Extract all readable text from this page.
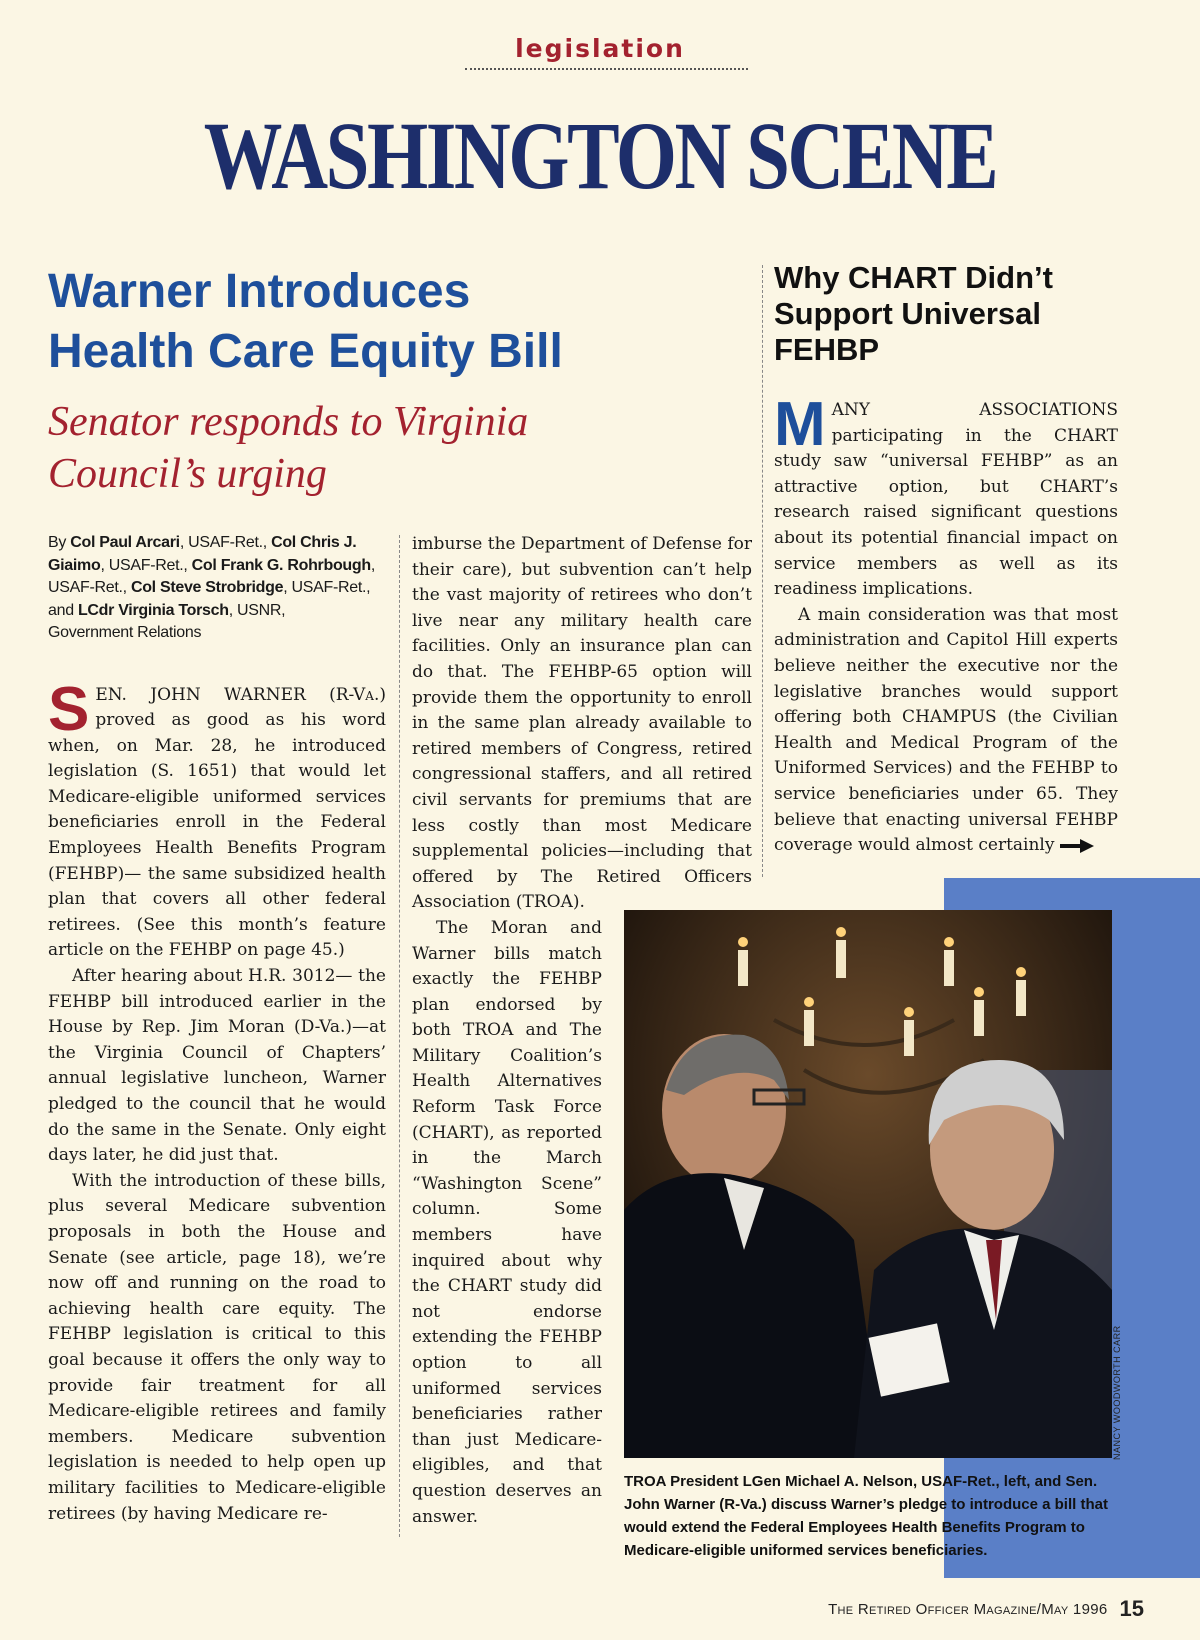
legislation
WASHINGTON SCENE
Warner Introduces
Health Care Equity Bill
Senator responds to Virginia
Council’s urging
By Col Paul Arcari, USAF-Ret., Col Chris J. Giaimo, USAF-Ret., Col Frank G. Rohrbough, USAF-Ret., Col Steve Strobridge, USAF-Ret., and LCdr Virginia Torsch, USNR,
Government Relations

SEN. JOHN WARNER (R-Va.) proved as good as his word when, on Mar. 28, he introduced legislation (S. 1651) that would let Medicare-eligible uniformed services beneficiaries enroll in the Federal Employees Health Benefits Program (FEHBP)— the same subsidized health plan that covers all other federal retirees. (See this month’s feature article on the FEHBP on page 45.)

After hearing about H.R. 3012— the FEHBP bill introduced earlier in the House by Rep. Jim Moran (D-Va.)—at the Virginia Council of Chapters’ annual legislative luncheon, Warner pledged to the council that he would do the same in the Senate. Only eight days later, he did just that.

With the introduction of these bills, plus several Medicare subvention proposals in both the House and Senate (see article, page 18), we’re now off and running on the road to achieving health care equity. The FEHBP legislation is critical to this goal because it offers the only way to provide fair treatment for all Medicare-eligible retirees and family members. Medicare subvention legislation is needed to help open up military facilities to Medicare-eligible retirees (by having Medicare re-

imburse the Department of Defense for their care), but subvention can’t help the vast majority of retirees who don’t live near any military health care facilities. Only an insurance plan can do that. The FEHBP-65 option will provide them the opportunity to enroll in the same plan already available to retired members of Congress, retired congressional staffers, and all retired civil servants for premiums that are less costly than most Medicare supplemental policies—including that offered by The Retired Officers Association (TROA).

The Moran and Warner bills match exactly the FEHBP plan endorsed by both TROA and The Military Coalition’s Health Alternatives Reform Task Force (CHART), as reported in the March “Washington Scene” column. Some members have inquired about why the CHART study did not endorse extending the FEHBP option to all uniformed services beneficiaries rather than just Medicare-eligibles, and that question deserves an answer.

Why CHART Didn’t
Support Universal
FEHBP

MANY ASSOCIATIONS participating in the CHART study saw “universal FEHBP” as an attractive option, but CHART’s research raised significant questions about its potential financial impact on service members as well as its readiness implications.

A main consideration was that most administration and Capitol Hill experts believe neither the executive nor the legislative branches would support offering both CHAMPUS (the Civilian Health and Medical Program of the Uniformed Services) and the FEHBP to service beneficiaries under 65. They believe that enacting universal FEHBP coverage would almost certainly

NANCY WOODWORTH CARR
TROA President LGen Michael A. Nelson, USAF-Ret., left, and Sen. John Warner (R-Va.) discuss Warner’s pledge to introduce a bill that would extend the Federal Employees Health Benefits Program to Medicare-eligible uniformed services beneficiaries.
The Retired Officer Magazine/May 1996 15
